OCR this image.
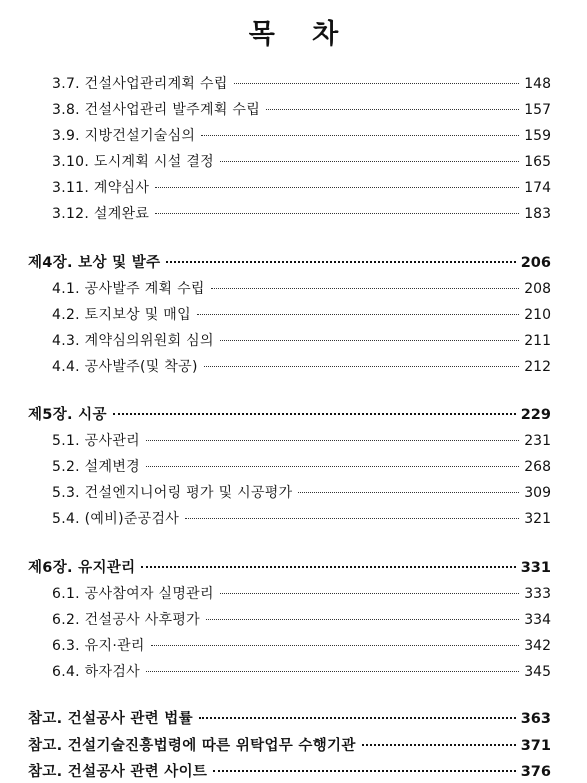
목 차
3.7. 건설사업관리계획 수립	148
3.8. 건설사업관리 발주계획 수립	157
3.9. 지방건설기술심의	159
3.10. 도시계획 시설 결정	165
3.11. 계약심사	174
3.12. 설계완료	183
제4장. 보상 및 발주	206
4.1. 공사발주 계획 수립	208
4.2. 토지보상 및 매입	210
4.3. 계약심의위원회 심의	211
4.4. 공사발주(및 착공)	212
제5장. 시공	229
5.1. 공사관리	231
5.2. 설계변경	268
5.3. 건설엔지니어링 평가 및 시공평가	309
5.4. (예비)준공검사	321
제6장. 유지관리	331
6.1. 공사참여자 실명관리	333
6.2. 건설공사 사후평가	334
6.3. 유지·관리	342
6.4. 하자검사	345
참고. 건설공사 관련 법률	363
참고. 건설기술진흥법령에 따른 위탁업무 수행기관	371
참고. 건설공사 관련 사이트	376
